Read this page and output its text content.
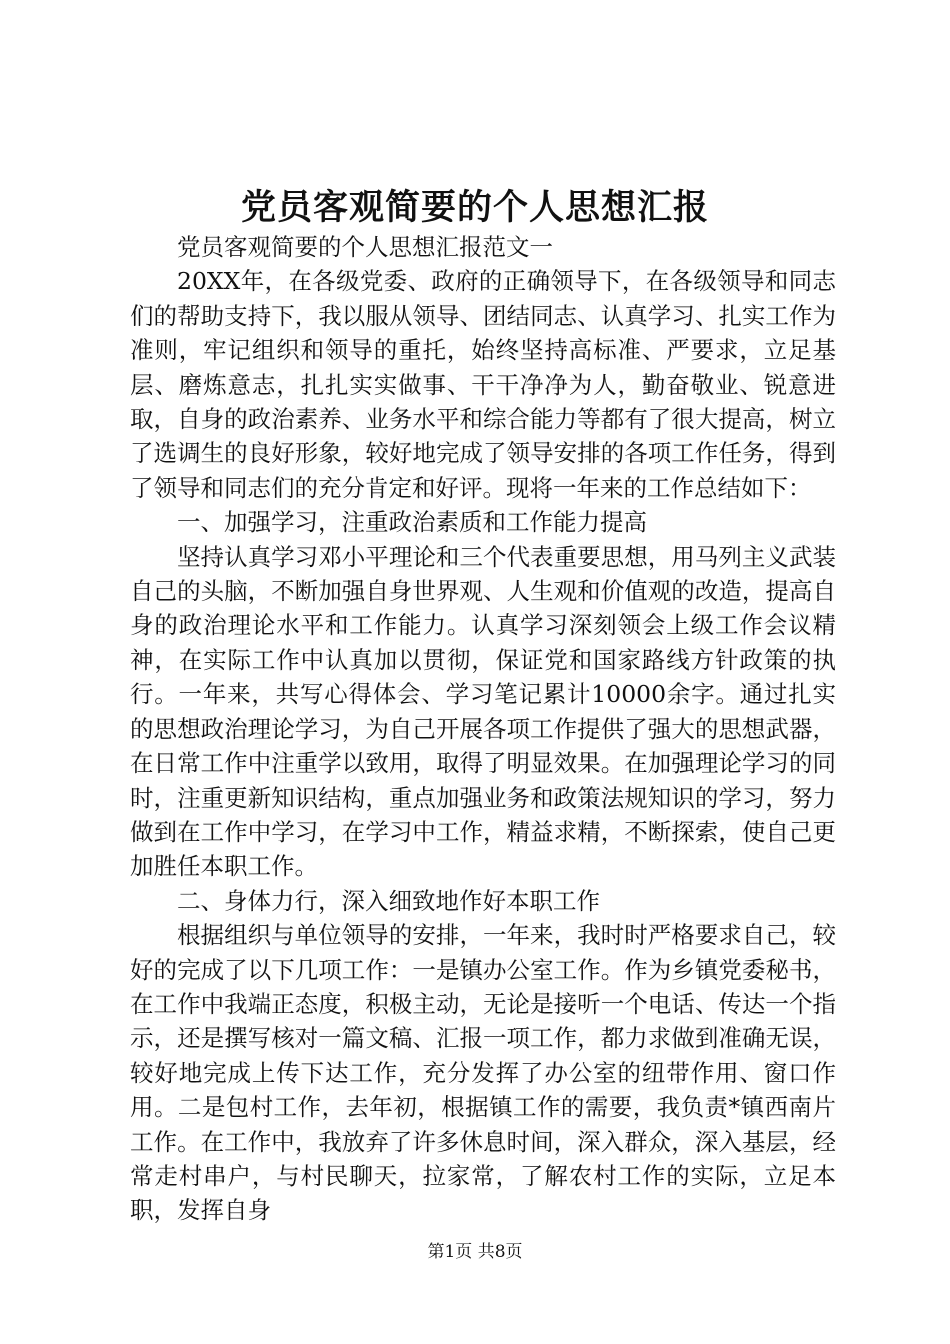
党员客观简要的个人思想汇报

党员客观简要的个人思想汇报范文一

20XX年，在各级党委、政府的正确领导下，在各级领导和同志们的帮助支持下，我以服从领导、团结同志、认真学习、扎实工作为准则，牢记组织和领导的重托，始终坚持高标准、严要求，立足基层、磨炼意志，扎扎实实做事、干干净净为人，勤奋敬业、锐意进取，自身的政治素养、业务水平和综合能力等都有了很大提高，树立了选调生的良好形象，较好地完成了领导安排的各项工作任务，得到了领导和同志们的充分肯定和好评。现将一年来的工作总结如下：

一、加强学习，注重政治素质和工作能力提高

坚持认真学习邓小平理论和三个代表重要思想，用马列主义武装自己的头脑，不断加强自身世界观、人生观和价值观的改造，提高自身的政治理论水平和工作能力。认真学习深刻领会上级工作会议精神，在实际工作中认真加以贯彻，保证党和国家路线方针政策的执行。一年来，共写心得体会、学习笔记累计10000余字。通过扎实的思想政治理论学习，为自己开展各项工作提供了强大的思想武器，在日常工作中注重学以致用，取得了明显效果。在加强理论学习的同时，注重更新知识结构，重点加强业务和政策法规知识的学习，努力做到在工作中学习，在学习中工作，精益求精，不断探索，使自己更加胜任本职工作。

二、身体力行，深入细致地作好本职工作

根据组织与单位领导的安排，一年来，我时时严格要求自己，较好的完成了以下几项工作：一是镇办公室工作。作为乡镇党委秘书，在工作中我端正态度，积极主动，无论是接听一个电话、传达一个指示，还是撰写核对一篇文稿、汇报一项工作，都力求做到准确无误，较好地完成上传下达工作，充分发挥了办公室的纽带作用、窗口作用。二是包村工作，去年初，根据镇工作的需要，我负责*镇西南片工作。在工作中，我放弃了许多休息时间，深入群众，深入基层，经常走村串户，与村民聊天，拉家常，了解农村工作的实际，立足本职，发挥自身

第1页 共8页
